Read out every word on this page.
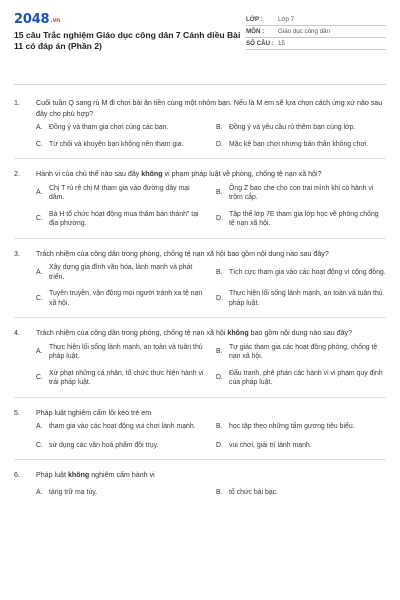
2048.vn
15 câu Trắc nghiệm Giáo dục công dân 7 Cánh diều Bài 11 có đáp án (Phần 2)
LỚP :	Lớp 7
MÔN :	Giáo dục công dân
SỐ CÂU : 15
1.	Cuối tuần Q sang rủ M đi chơi bài ăn tiền cùng một nhóm bạn. Nếu là M em sẽ lựa chọn cách ứng xử nào sau đây cho phù hợp?
A. Đồng ý và tham gia chơi cùng các bạn.	B. Đồng ý và yêu cầu rủ thêm bạn cùng lớp.
C. Từ chối và khuyên bạn không nên tham gia.	D. Mặc kệ bạn chơi nhưng bản thân không chơi.
2.	Hành vi của chủ thể nào sau đây không vi phạm pháp luật về phòng, chống tệ nạn xã hội?
A.
Chị T rủ rê chị M tham gia vào đường dây mại dâm.
B.
Ông Z bao che cho con trai mình khi có hành vi trộm cắp.
C.
Bà H tổ chức hoạt động mua thăm bán thánh" tại địa phương.
D.
Tập thể lớp 7E tham gia lớp học về phòng chống tệ nạn xã hội.
3.	Trách nhiệm của công dân trong phòng, chống tệ nạn xã hội bao gồm nội dung nào sau đây?
A.
Xây dựng gia đình văn hóa, lành mạnh và phát triển.
B. Tích cực tham gia vào các hoạt động vì cộng đồng.
C.
Tuyên truyền, vận động mọi người tránh xa tệ nạn xã hội.
D.
Thực hiện lối sống lành mạnh, an toàn và tuân thủ pháp luật.
4.	Trách nhiệm của công dân trong phòng, chống tệ nạn xã hội không bao gồm nội dung nào sau đây?
A.
Thực hiện lối sống lành mạnh, an toàn và tuân thủ pháp luật.
B.
Tự giác tham gia các hoạt động phòng, chống tệ nạn xã hội.
C.
Xử phạt những cá nhân, tổ chức thực hiện hành vi trái pháp luật.
D.
Đấu tranh, phê phán các hành vi vi phạm quy định của pháp luật.
5.	Pháp luật nghiêm cấm lôi kéo trẻ em
A. tham gia vào các hoạt động vui chơi lành mạnh.	B. học tập theo những tấm gương tiêu biểu.
C. sử dụng các văn hoá phẩm đồi trụy.	D. vui chơi, giải trí lành mạnh.
6.	Pháp luật không nghiêm cấm hành vi
A. tàng trữ ma túy.	B. tổ chức bài bạc.
